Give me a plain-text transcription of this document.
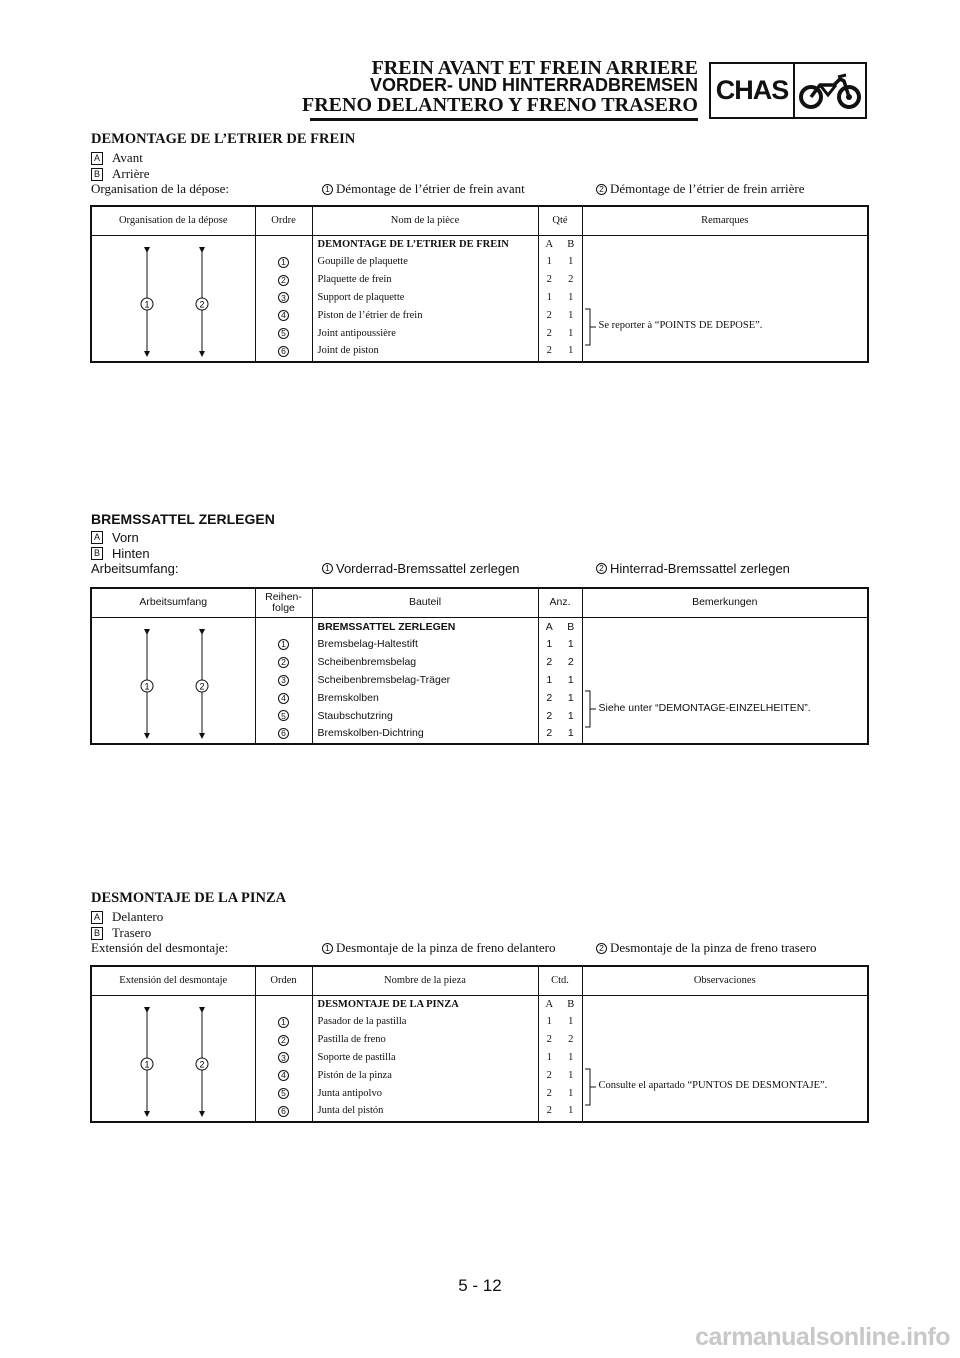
FREIN AVANT ET FREIN ARRIERE
VORDER- UND HINTERRADBREMSEN
FRENO DELANTERO Y FRENO TRASERO CHAS
DEMONTAGE DE L’ETRIER DE FREIN
A Avant
B Arrière
Organisation de la dépose:	1 Démontage de l’étrier de frein avant	2 Démontage de l’étrier de frein arrière
BREMSSATTEL ZERLEGEN
A Vorn
B Hinten
Arbeitsumfang:	1 Vorderrad-Bremssattel zerlegen	2 Hinterrad-Bremssattel zerlegen
DESMONTAJE DE LA PINZA
A Delantero
B Trasero
Extensión del desmontaje:	1 Desmontaje de la pinza de freno delantero	2 Desmontaje de la pinza de freno trasero
Organisation de la dépose	Ordre	Nom de la pièce	Qté		Remarques

1 2		DEMONTAGE DE L’ETRIER DE FREIN	A	B	Se reporter à “POINTS DE DEPOSE”.

	1	Goupille de plaquette	1	1	
	2	Plaquette de frein	2	2	
	3	Support de plaquette	1	1	
	4	Piston de l’étrier de frein	2	1	
	5	Joint antipoussière	2	1	
	6	Joint de piston	2	1	
Arbeitsumfang	Reihen- folge	Bauteil	Anz.		Bemerkungen

1 2		BREMSSATTEL ZERLEGEN	A	B	Siehe unter “DEMONTAGE-EINZELHEITEN”.

	1	Bremsbelag-Haltestift	1	1	
	2	Scheibenbremsbelag	2	2	
	3	Scheibenbremsbelag-Träger	1	1	
	4	Bremskolben	2	1	
	5	Staubschutzring	2	1	
	6	Bremskolben-Dichtring	2	1	
Extensión del desmontaje	Orden	Nombre de la pieza	Ctd.		Observaciones

1 2		DESMONTAJE DE LA PINZA	A	B	Consulte el apartado “PUNTOS DE DESMONTAJE”.

	1	Pasador de la pastilla	1	1	
	2	Pastilla de freno	2	2	
	3	Soporte de pastilla	1	1	
	4	Pistón de la pinza	2	1	
	5	Junta antipolvo	2	1	
	6	Junta del pistón	2	1	
5 - 12
carmanualsonline.info
